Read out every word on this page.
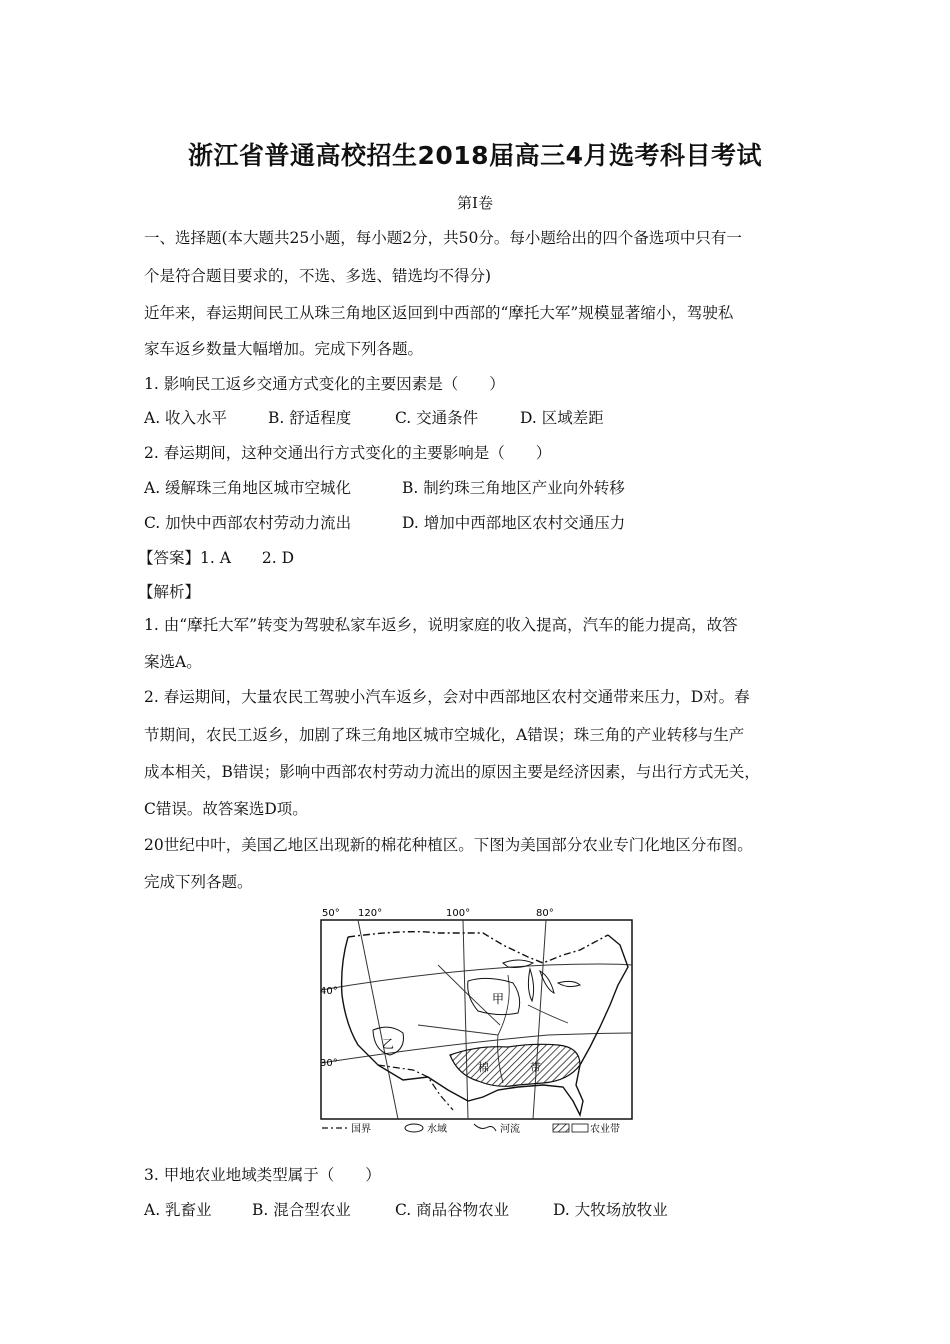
浙江省普通高校招生2018届高三4月选考科目考试
第Ⅰ卷
一、选择题(本大题共25小题，每小题2分，共50分。每小题给出的四个备选项中只有一
个是符合题目要求的，不选、多选、错选均不得分)
近年来，春运期间民工从珠三角地区返回到中西部的“摩托大军”规模显著缩小，驾驶私
家车返乡数量大幅增加。完成下列各题。
1. 影响民工返乡交通方式变化的主要因素是（　　）
A. 收入水平	B. 舒适程度	C. 交通条件	D. 区域差距
2. 春运期间，这种交通出行方式变化的主要影响是（　　）
A. 缓解珠三角地区城市空城化	B. 制约珠三角地区产业向外转移
C. 加快中西部农村劳动力流出	D. 增加中西部地区农村交通压力
【答案】1. A　　2. D
【解析】
1. 由“摩托大军”转变为驾驶私家车返乡，说明家庭的收入提高，汽车的能力提高，故答
案选A。
2. 春运期间，大量农民工驾驶小汽车返乡，会对中西部地区农村交通带来压力，D对。春
节期间，农民工返乡，加剧了珠三角地区城市空城化，A错误；珠三角的产业转移与生产
成本相关，B错误；影响中西部农村劳动力流出的原因主要是经济因素，与出行方式无关，
C错误。故答案选D项。
20世纪中叶，美国乙地区出现新的棉花种植区。下图为美国部分农业专门化地区分布图。
完成下列各题。
50° 120°	100°	80°
40°
30°
甲
乙
棉	带
国界	水域	河流	农业带
3. 甲地农业地域类型属于（　　）
A. 乳畜业	B. 混合型农业	C. 商品谷物农业	D. 大牧场放牧业
